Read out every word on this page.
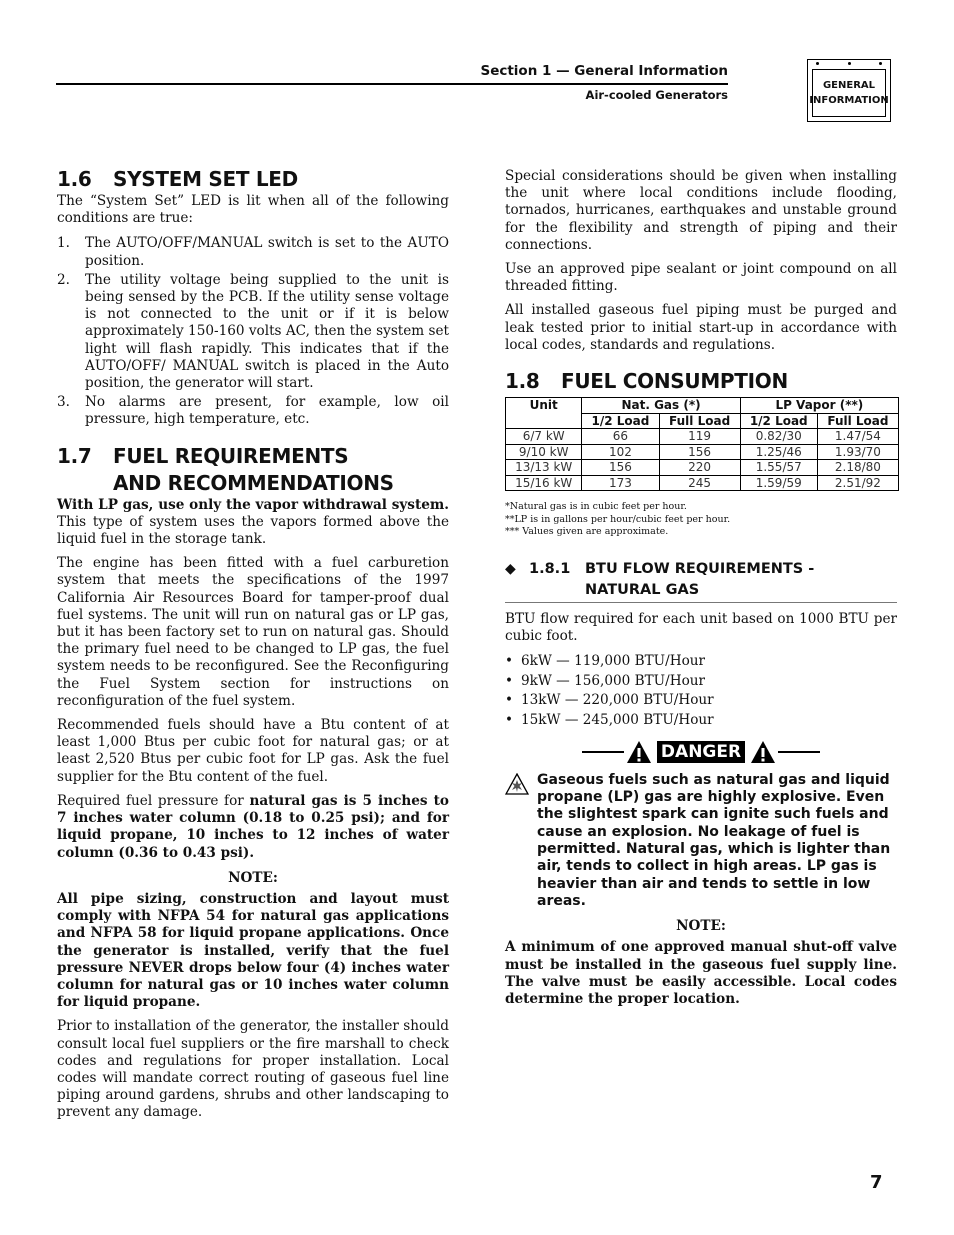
Section 1 — General Information
Air-cooled Generators
GENERAL
INFORMATION
1.6 SYSTEM SET LED

The “System Set” LED is lit when all of the following conditions are true:

1.	The AUTO/OFF/MANUAL switch is set to the AUTO position.
2.	The utility voltage being supplied to the unit is being sensed by the PCB. If the utility sense voltage is not connected to the unit or if it is below approximately 150-160 volts AC, then the system set light will flash rapidly. This indicates that if the AUTO/OFF/ MANUAL switch is placed in the Auto position, the generator will start.
3.	No alarms are present, for example, low oil pressure, high temperature, etc.
1.7 FUEL REQUIREMENTS
AND RECOMMENDATIONS

With LP gas, use only the vapor withdrawal system. This type of system uses the vapors formed above the liquid fuel in the storage tank.

The engine has been fitted with a fuel carburetion system that meets the specifications of the 1997 California Air Resources Board for tamper-proof dual fuel systems. The unit will run on natural gas or LP gas, but it has been factory set to run on natural gas. Should the primary fuel need to be changed to LP gas, the fuel system needs to be reconfigured. See the Reconfiguring the Fuel System section for instructions on reconfiguration of the fuel system.

Recommended fuels should have a Btu content of at least 1,000 Btus per cubic foot for natural gas; or at least 2,520 Btus per cubic foot for LP gas. Ask the fuel supplier for the Btu content of the fuel.

Required fuel pressure for natural gas is 5 inches to 7 inches water column (0.18 to 0.25 psi); and for liquid propane, 10 inches to 12 inches of water column (0.36 to 0.43 psi).

NOTE:

All pipe sizing, construction and layout must comply with NFPA 54 for natural gas applications and NFPA 58 for liquid propane applications. Once the generator is installed, verify that the fuel pressure NEVER drops below four (4) inches water column for natural gas or 10 inches water column for liquid propane.

Prior to installation of the generator, the installer should consult local fuel suppliers or the fire marshall to check codes and regulations for proper installation. Local codes will mandate correct routing of gaseous fuel line piping around gardens, shrubs and other landscaping to prevent any damage.

Special considerations should be given when installing the unit where local conditions include flooding, tornados, hurricanes, earthquakes and unstable ground for the flexibility and strength of piping and their connections.

Use an approved pipe sealant or joint compound on all threaded fitting.

All installed gaseous fuel piping must be purged and leak tested prior to initial start-up in accordance with local codes, standards and regulations.

1.8 FUEL CONSUMPTION
Unit	Nat. Gas (*)		LP Vapor (**)	
	1/2 Load	Full Load	1/2 Load	Full Load
6/7 kW	66	119	0.82/30	1.47/54
9/10 kW	102	156	1.25/46	1.93/70
13/13 kW	156	220	1.55/57	2.18/80
15/16 kW	173	245	1.59/59	2.51/92
*Natural gas is in cubic feet per hour.
**LP is in gallons per hour/cubic feet per hour.
*** Values given are approximate.
◆ 1.8.1	BTU FLOW REQUIREMENTS -
NATURAL GAS

BTU flow required for each unit based on 1000 BTU per cubic foot.

• 6kW — 119,000 BTU/Hour
• 9kW — 156,000 BTU/Hour
• 13kW — 220,000 BTU/Hour
• 15kW — 245,000 BTU/Hour
DANGER
Gaseous fuels such as natural gas and liquid propane (LP) gas are highly explosive. Even the slightest spark can ignite such fuels and cause an explosion. No leakage of fuel is permitted. Natural gas, which is lighter than air, tends to collect in high areas. LP gas is heavier than air and tends to settle in low areas.
NOTE:

A minimum of one approved manual shut-off valve must be installed in the gaseous fuel supply line. The valve must be easily accessible. Local codes determine the proper location.

7
